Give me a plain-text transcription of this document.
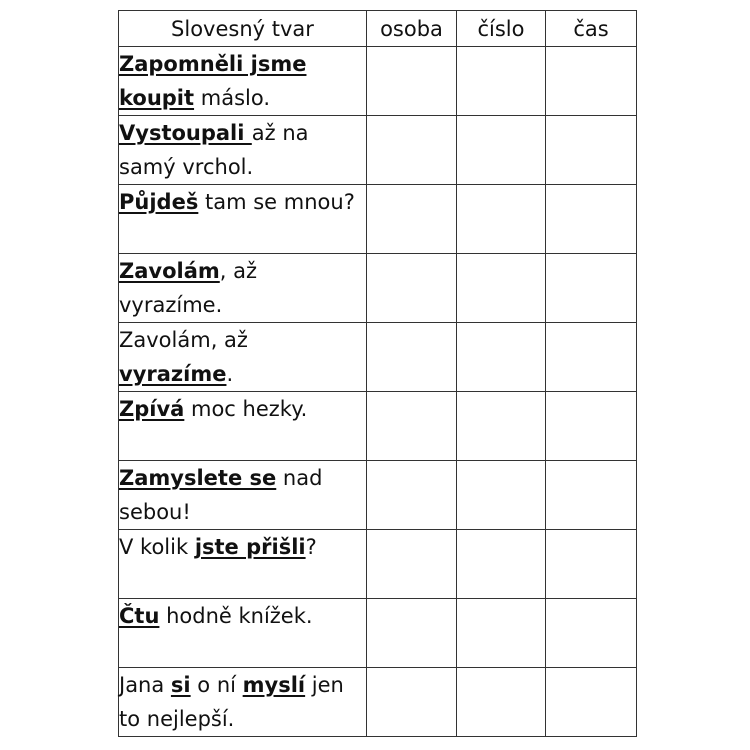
Slovesný tvar	osoba	číslo	čas
Zapomněli jsme koupit máslo.			
Vystoupali až na samý vrchol.			
Půjdeš tam se mnou?			
Zavolám, až vyrazíme.			
Zavolám, až vyrazíme.			
Zpívá moc hezky.			
Zamyslete se nad sebou!			
V kolik jste přišli?			
Čtu hodně knížek.			
Jana si o ní myslí jen to nejlepší.			
